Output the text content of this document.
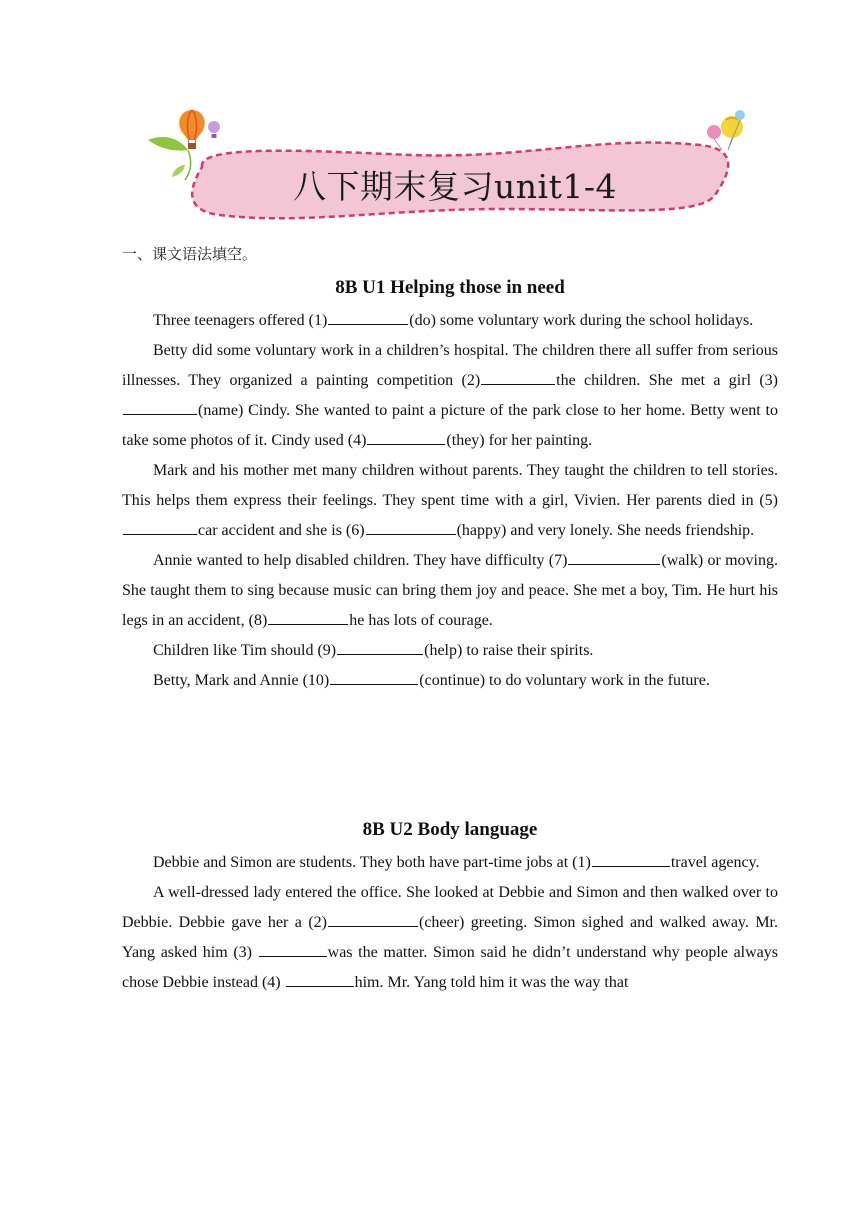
八下期末复习unit1-4
一、课文语法填空。
8B U1 Helping those in need

Three teenagers offered (1)	(do) some voluntary work during the school holidays.

Betty did some voluntary work in a children’s hospital. The children there all suffer from serious illnesses. They organized a painting competition (2)	the children. She met a girl (3)(name) Cindy. She wanted to paint a picture of the park close to her home. Betty went to take some photos of it. Cindy used (4)	(they) for her painting.

Mark and his mother met many children without parents. They taught the children to tell stories. This helps them express their feelings. They spent time with a girl, Vivien. Her parents died in (5)car accident and she is (6)	(happy) and very lonely. She needs friendship.

Annie wanted to help disabled children. They have difficulty (7)	(walk) or moving. She taught them to sing because music can bring them joy and peace. She met a boy, Tim. He hurt his legs in an accident, (8)	he has lots of courage.

Children like Tim should (9)	(help) to raise their spirits.

Betty, Mark and Annie (10)	(continue) to do voluntary work in the future.

8B U2 Body language

Debbie and Simon are students. They both have part-time jobs at (1)	travel agency.

A well-dressed lady entered the office. She looked at Debbie and Simon and then walked over to Debbie. Debbie gave her a (2)	(cheer) greeting. Simon sighed and walked away. Mr. Yang asked him (3)	was the matter. Simon said he didn’t understand why people always chose Debbie instead (4)	him. Mr. Yang told him it was the way that
